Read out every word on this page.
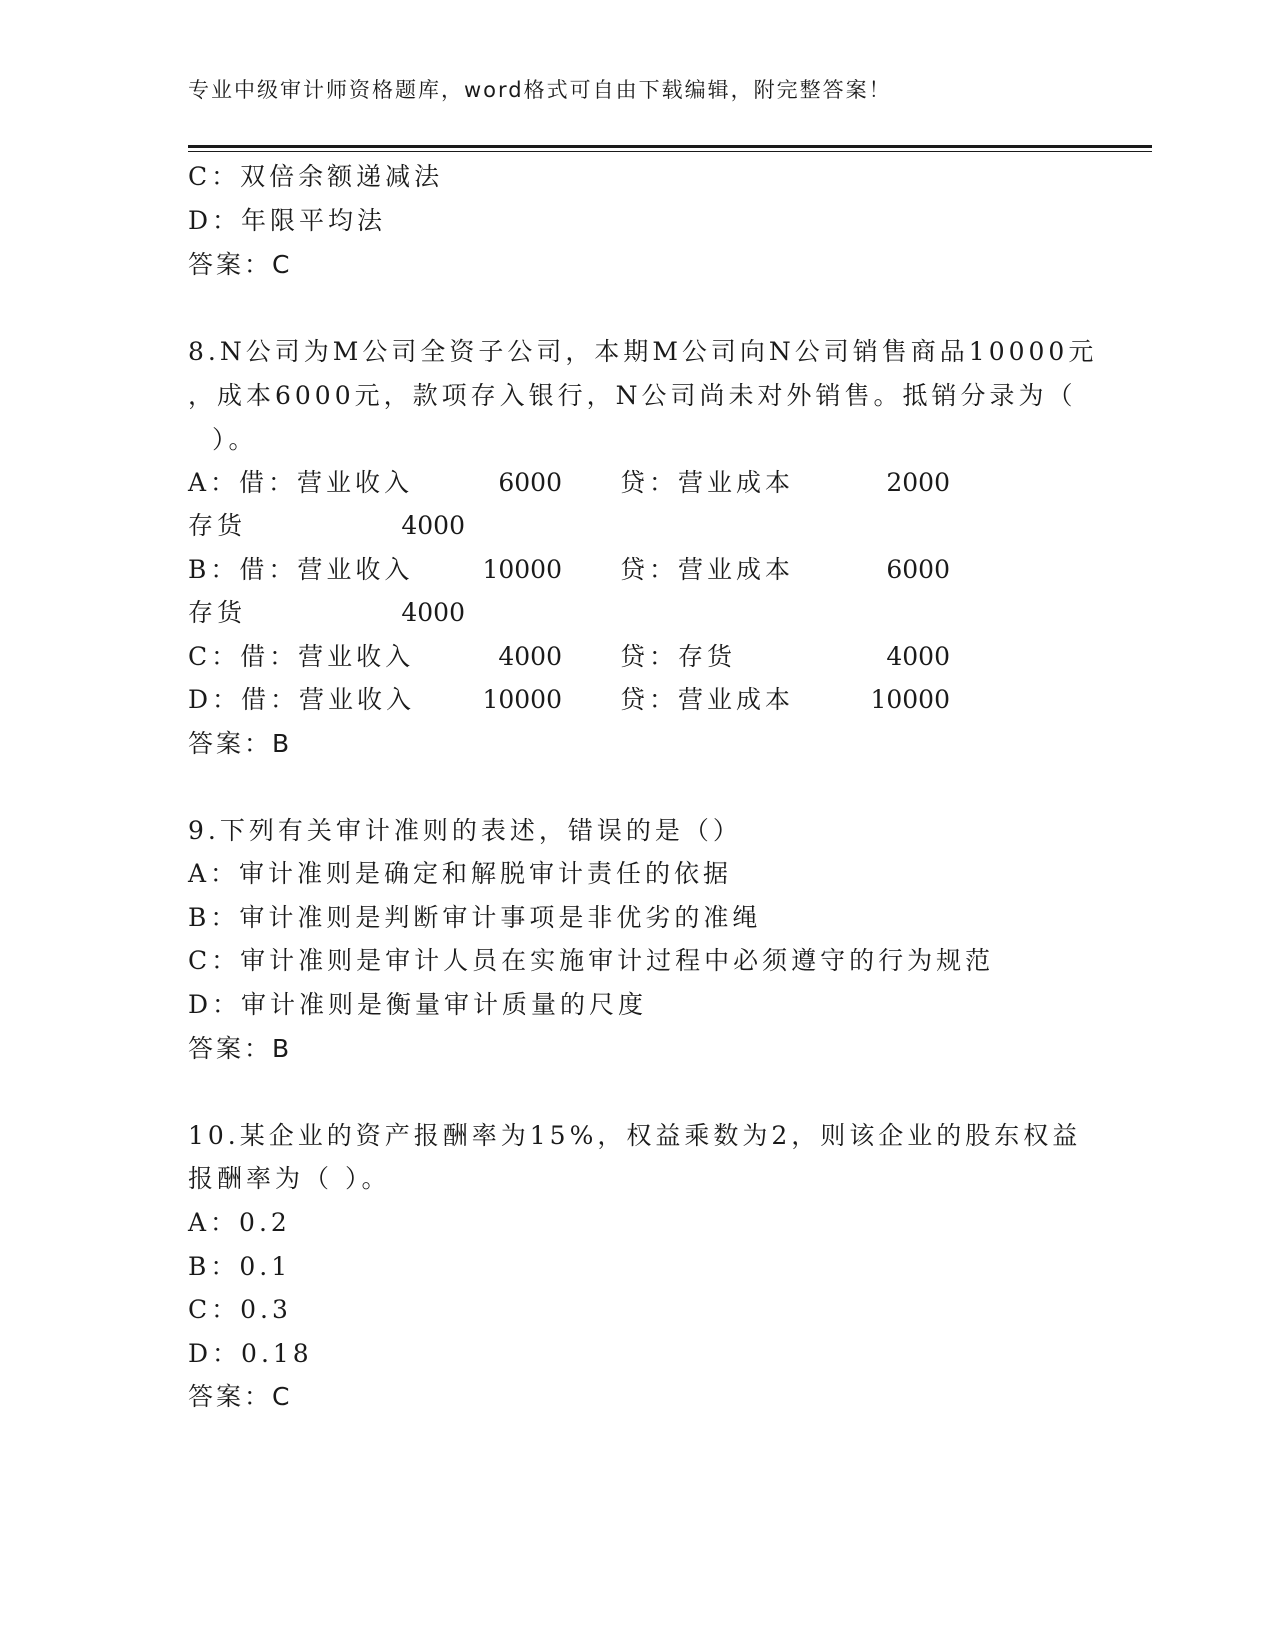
专业中级审计师资格题库，word格式可自由下载编辑，附完整答案！
C：双倍余额递减法
D：年限平均法
答案：C
8.N公司为M公司全资子公司，本期M公司向N公司销售商品10000元
，成本6000元，款项存入银行，N公司尚未对外销售。抵销分录为（
）。
A：借：营业收入	6000 贷：营业成本	2000
存货	4000
B：借：营业收入	10000 贷：营业成本	6000
存货	4000
C：借：营业收入	4000 贷：存货	4000
D：借：营业收入	10000 贷：营业成本	10000
答案：B
9.下列有关审计准则的表述，错误的是（）
A：审计准则是确定和解脱审计责任的依据
B：审计准则是判断审计事项是非优劣的准绳
C：审计准则是审计人员在实施审计过程中必须遵守的行为规范
D：审计准则是衡量审计质量的尺度
答案：B
10.某企业的资产报酬率为15%，权益乘数为2，则该企业的股东权益
报酬率为（ ）。
A：0.2
B：0.1
C：0.3
D：0.18
答案：C
